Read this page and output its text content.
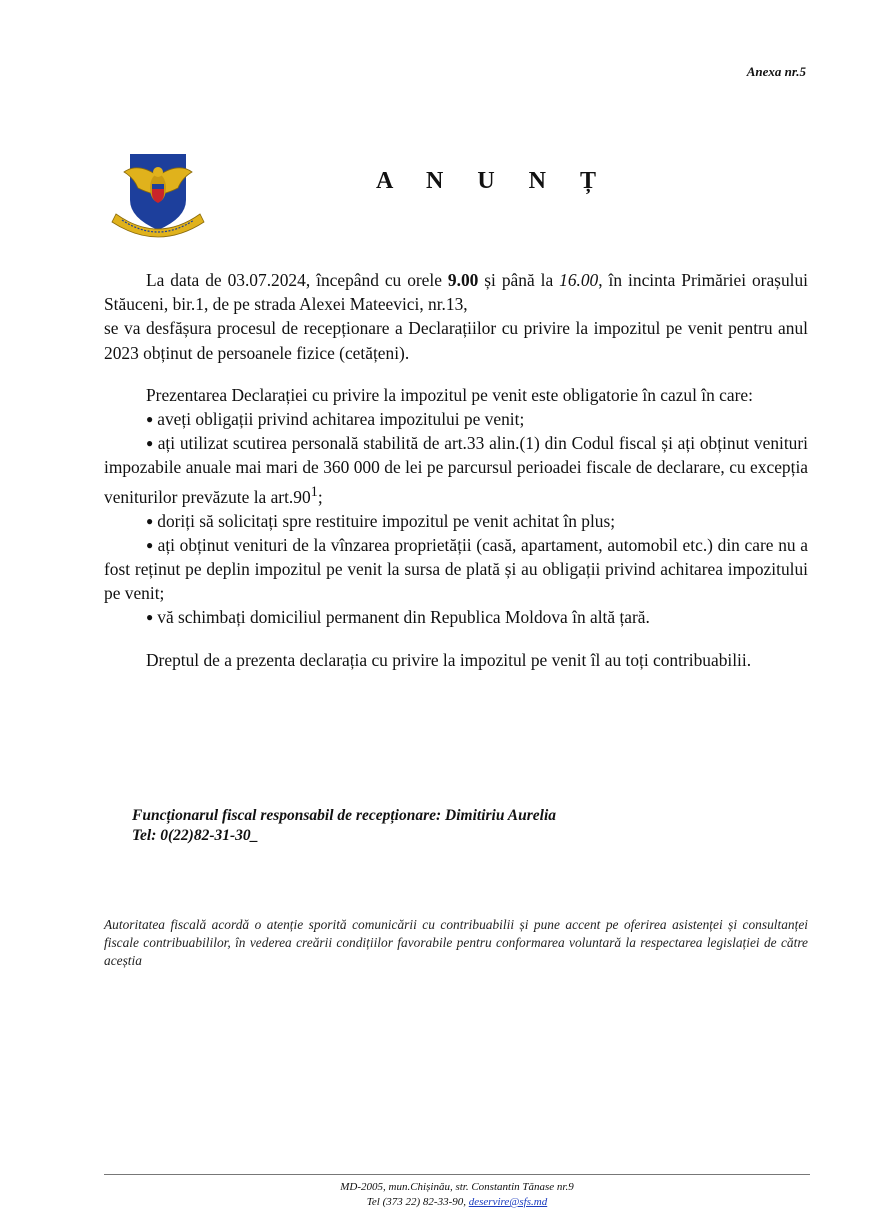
Anexa nr.5
A N U N Ț

La data de 03.07.2024, începând cu orele 9.00 și până la 16.00, în incinta Primăriei orașului Stăuceni, bir.1, de pe strada Alexei Mateevici, nr.13,

se va desfășura procesul de recepționare a Declarațiilor cu privire la impozitul pe venit pentru anul 2023 obținut de persoanele fizice (cetățeni).

Prezentarea Declarației cu privire la impozitul pe venit este obligatorie în cazul în care:

● aveți obligații privind achitarea impozitului pe venit;

● ați utilizat scutirea personală stabilită de art.33 alin.(1) din Codul fiscal și ați obținut venituri impozabile anuale mai mari de 360 000 de lei pe parcursul perioadei fiscale de declarare, cu excepția veniturilor prevăzute la $art.90^1$;

● doriți să solicitați spre restituire impozitul pe venit achitat în plus;

● ați obținut venituri de la vînzarea proprietății (casă, apartament, automobil etc.) din care nu a fost reținut pe deplin impozitul pe venit la sursa de plată și au obligații privind achitarea impozitului pe venit;

● vă schimbați domiciliul permanent din Republica Moldova în altă țară.

Dreptul de a prezenta declarația cu privire la impozitul pe venit îl au toți contribuabilii.

Funcționarul fiscal responsabil de recepționare: Dimitiriu Aurelia
Tel: 0(22)82-31-30_
Autoritatea fiscală acordă o atenție sporită comunicării cu contribuabilii și pune accent pe oferirea asistenței și consultanței fiscale contribuabililor, în vederea creării condițiilor favorabile pentru conformarea voluntară la respectarea legislației de către aceștia
MD-2005, mun.Chișinău, str. Constantin Tănase nr.9
Tel (373 22) 82-33-90, deservire@sfs.md
